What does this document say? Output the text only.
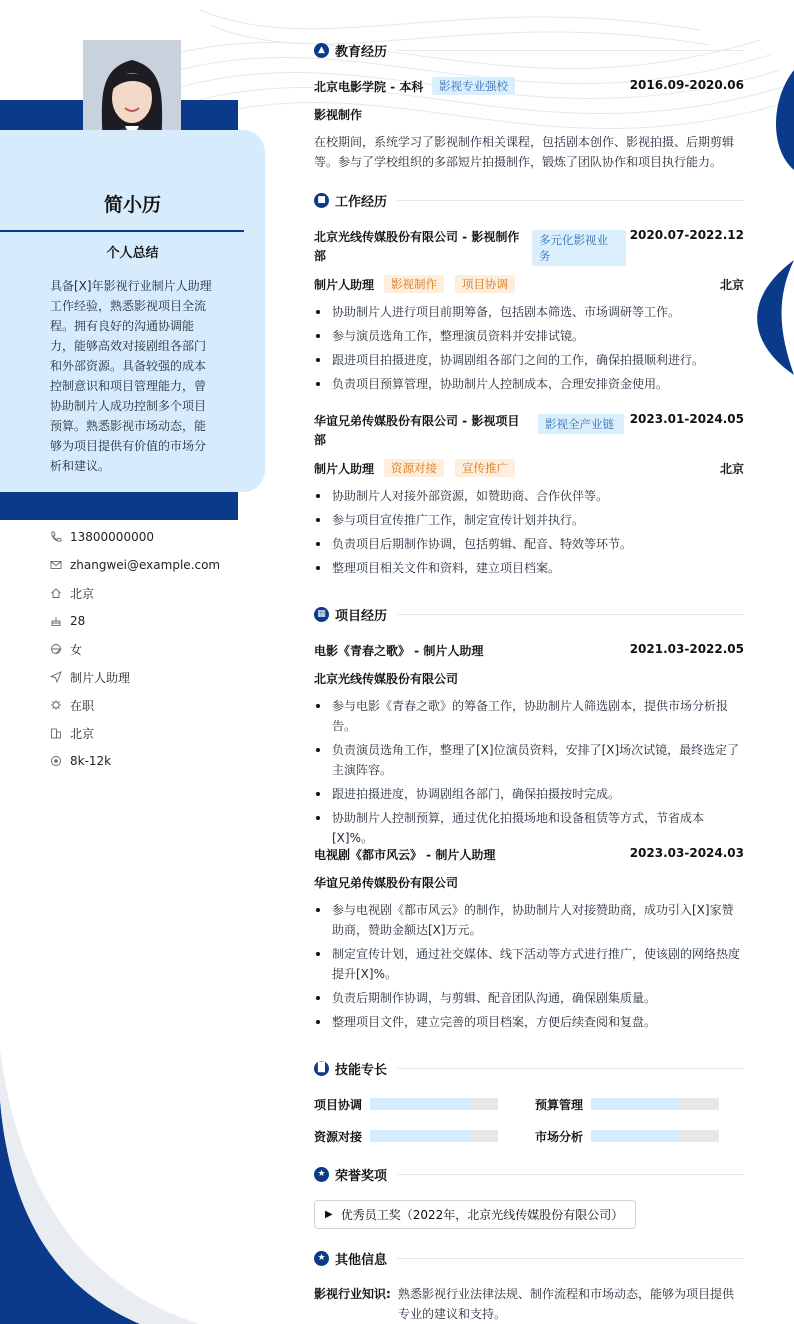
简小历
个人总结
具备[X]年影视行业制片人助理工作经验，熟悉影视项目全流程。拥有良好的沟通协调能力，能够高效对接剧组各部门和外部资源。具备较强的成本控制意识和项目管理能力，曾协助制片人成功控制多个项目预算。熟悉影视市场动态，能够为项目提供有价值的市场分析和建议。
13800000000
zhangwei@example.com
北京
28
女
制片人助理
在职
北京
8k-12k
▲ 教育经历
北京电影学院 - 本科	影视专业强校	2016.09-2020.06
影视制作
在校期间，系统学习了影视制作相关课程，包括剧本创作、影视拍摄、后期剪辑等。参与了学校组织的多部短片拍摄制作，锻炼了团队协作和项目执行能力。
■ 工作经历
北京光线传媒股份有限公司 - 影视制作部
多元化影视业务
2020.07-2022.12
制片人助理	影视制作	项目协调	北京
协助制片人进行项目前期筹备，包括剧本筛选、市场调研等工作。
参与演员选角工作，整理演员资料并安排试镜。
跟进项目拍摄进度，协调剧组各部门之间的工作，确保拍摄顺利进行。
负责项目预算管理，协助制片人控制成本，合理安排资金使用。
华谊兄弟传媒股份有限公司 - 影视项目部
影视全产业链	2023.01-2024.05
制片人助理	资源对接	宣传推广	北京
协助制片人对接外部资源，如赞助商、合作伙伴等。
参与项目宣传推广工作，制定宣传计划并执行。
负责项目后期制作协调，包括剪辑、配音、特效等环节。
整理项目相关文件和资料，建立项目档案。
▦ 项目经历
电影《青春之歌》 - 制片人助理	2021.03-2022.05
北京光线传媒股份有限公司
参与电影《青春之歌》的筹备工作，协助制片人筛选剧本，提供市场分析报告。
负责演员选角工作，整理了[X]位演员资料，安排了[X]场次试镜，最终选定了主演阵容。
跟进拍摄进度，协调剧组各部门，确保拍摄按时完成。
协助制片人控制预算，通过优化拍摄场地和设备租赁等方式，节省成本[X]%。
电视剧《都市风云》 - 制片人助理	2023.03-2024.03
华谊兄弟传媒股份有限公司
参与电视剧《都市风云》的制作，协助制片人对接赞助商，成功引入[X]家赞助商，赞助金额达[X]万元。
制定宣传计划，通过社交媒体、线下活动等方式进行推广，使该剧的网络热度提升[X]%。
负责后期制作协调，与剪辑、配音团队沟通，确保剧集质量。
整理项目文件，建立完善的项目档案，方便后续查阅和复盘。
█ 技能专长
项目协调	预算管理
资源对接	市场分析
★ 荣誉奖项
▶ 优秀员工奖（2022年，北京光线传媒股份有限公司）
★ 其他信息
影视行业知识: 熟悉影视行业法律法规、制作流程和市场动态，能够为项目提供专业的建议和支持。
